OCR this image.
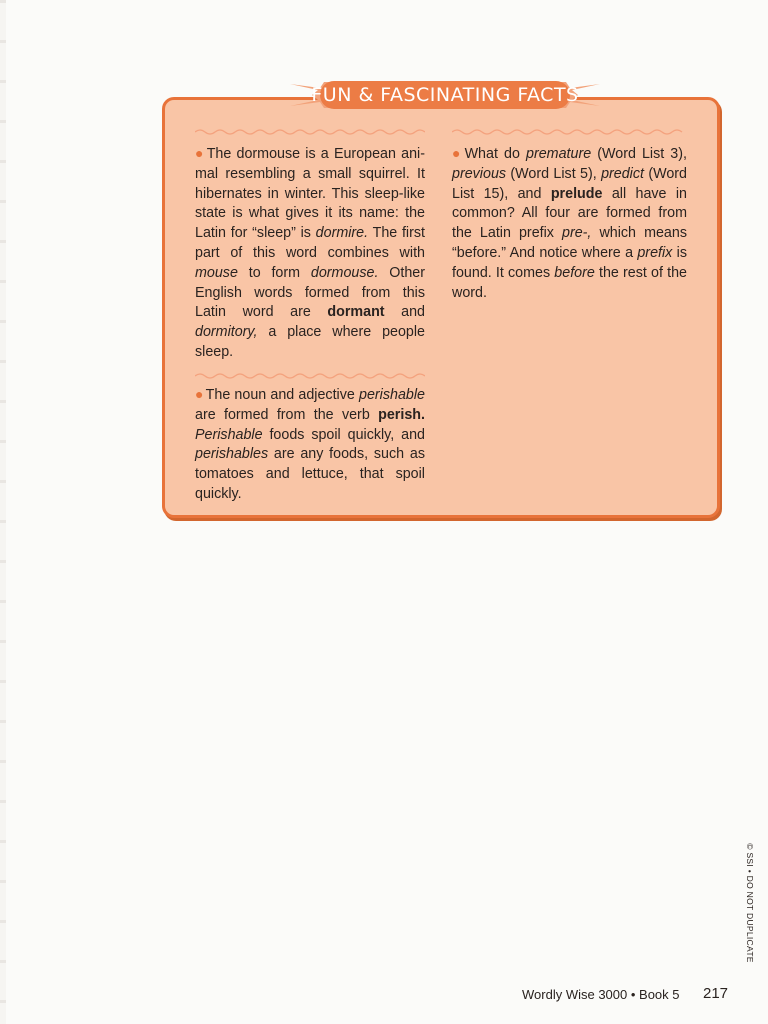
FUN & FASCINATING FACTS
● The dormouse is a European ani-mal resembling a small squirrel. It hibernates in winter. This sleep-like state is what gives it its name: the Latin for “sleep” is dormire. The first part of this word combines with mouse to form dormouse. Other English words formed from this Latin word are dormant and dormitory, a place where people sleep.
● The noun and adjective perishable are formed from the verb perish. Perishable foods spoil quickly, and perishables are any foods, such as tomatoes and lettuce, that spoil quickly.
● What do premature (Word List 3), previous (Word List 5), predict (Word List 15), and prelude all have in common? All four are formed from the Latin prefix pre-, which means “before.” And notice where a prefix is found. It comes before the rest of the word.
© SSI • DO NOT DUPLICATE
Wordly Wise 3000 • Book 5 217
